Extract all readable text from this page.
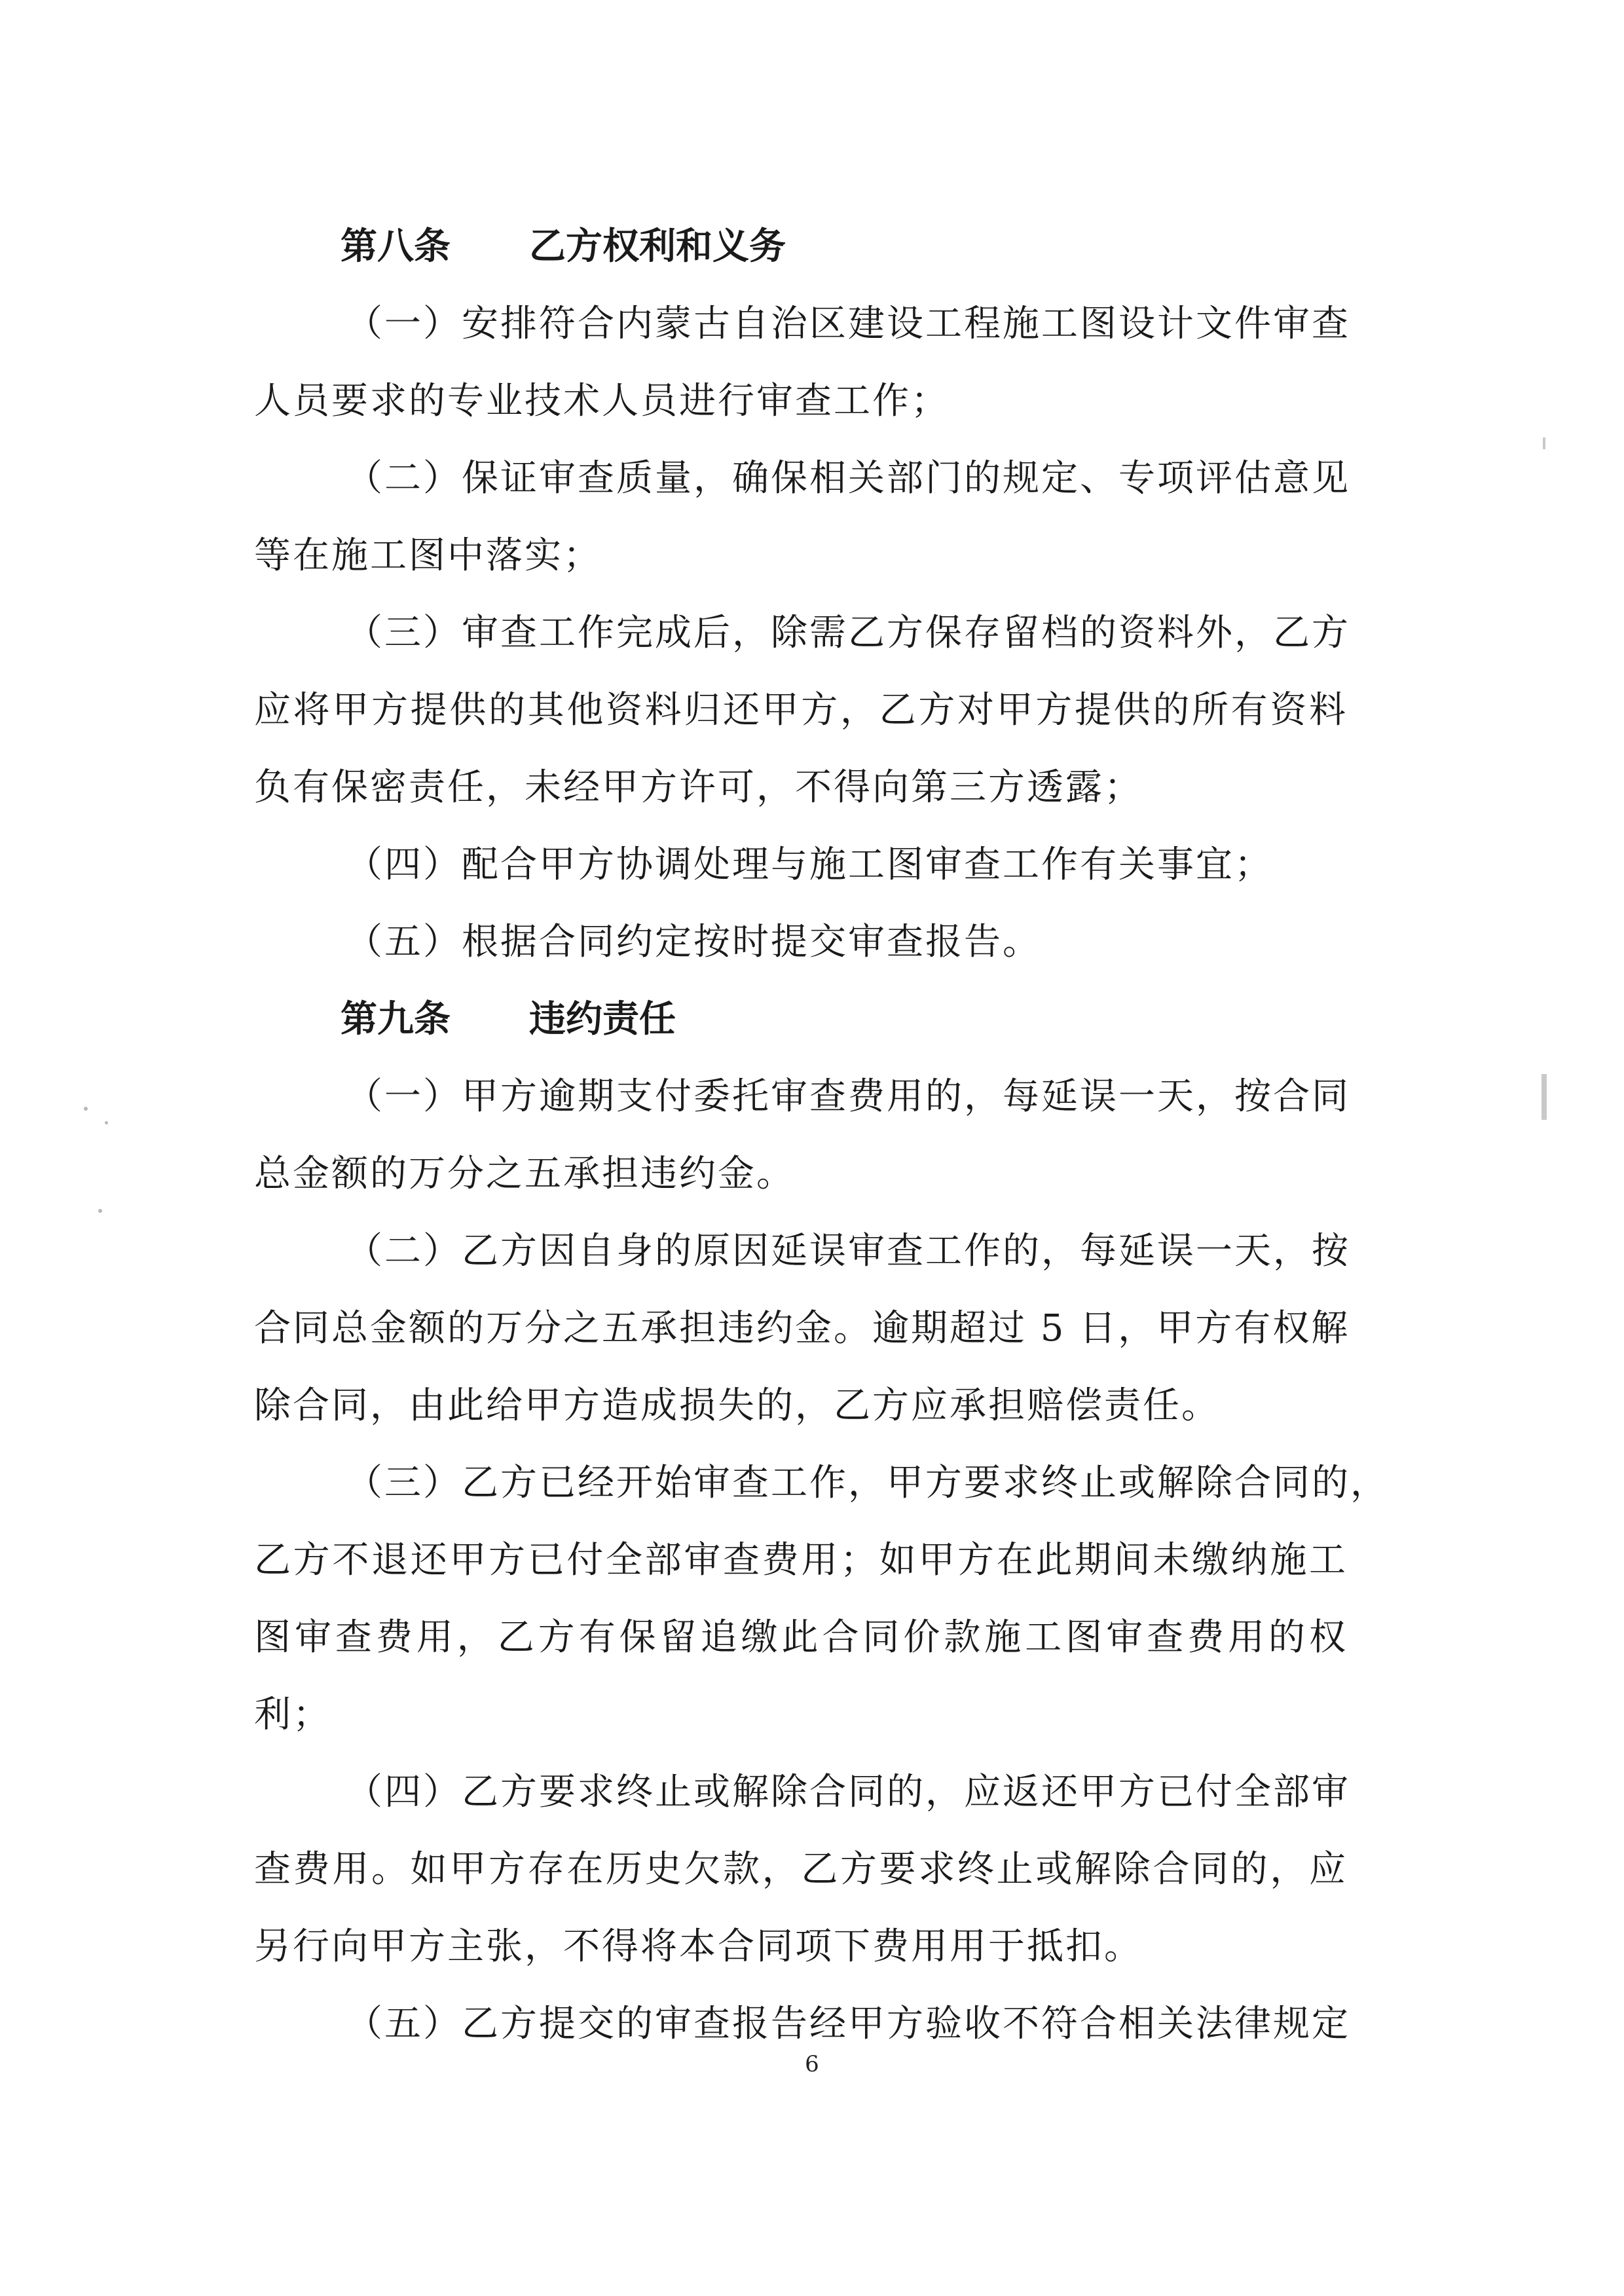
第八条 乙方权利和义务
（一）安排符合内蒙古自治区建设工程施工图设计文件审查
人员要求的专业技术人员进行审查工作；
（二）保证审查质量，确保相关部门的规定、专项评估意见
等在施工图中落实；
（三）审查工作完成后，除需乙方保存留档的资料外，乙方
应将甲方提供的其他资料归还甲方，乙方对甲方提供的所有资料
负有保密责任，未经甲方许可，不得向第三方透露；
（四）配合甲方协调处理与施工图审查工作有关事宜；
（五）根据合同约定按时提交审查报告。
第九条 违约责任
（一）甲方逾期支付委托审查费用的，每延误一天，按合同
总金额的万分之五承担违约金。
（二）乙方因自身的原因延误审查工作的，每延误一天，按
合同总金额的万分之五承担违约金。逾期超过 5 日，甲方有权解
除合同，由此给甲方造成损失的，乙方应承担赔偿责任。
（三）乙方已经开始审查工作，甲方要求终止或解除合同的，
乙方不退还甲方已付全部审查费用；如甲方在此期间未缴纳施工
图审查费用，乙方有保留追缴此合同价款施工图审查费用的权
利；
（四）乙方要求终止或解除合同的，应返还甲方已付全部审
查费用。如甲方存在历史欠款，乙方要求终止或解除合同的，应
另行向甲方主张，不得将本合同项下费用用于抵扣。
（五）乙方提交的审查报告经甲方验收不符合相关法律规定
6
